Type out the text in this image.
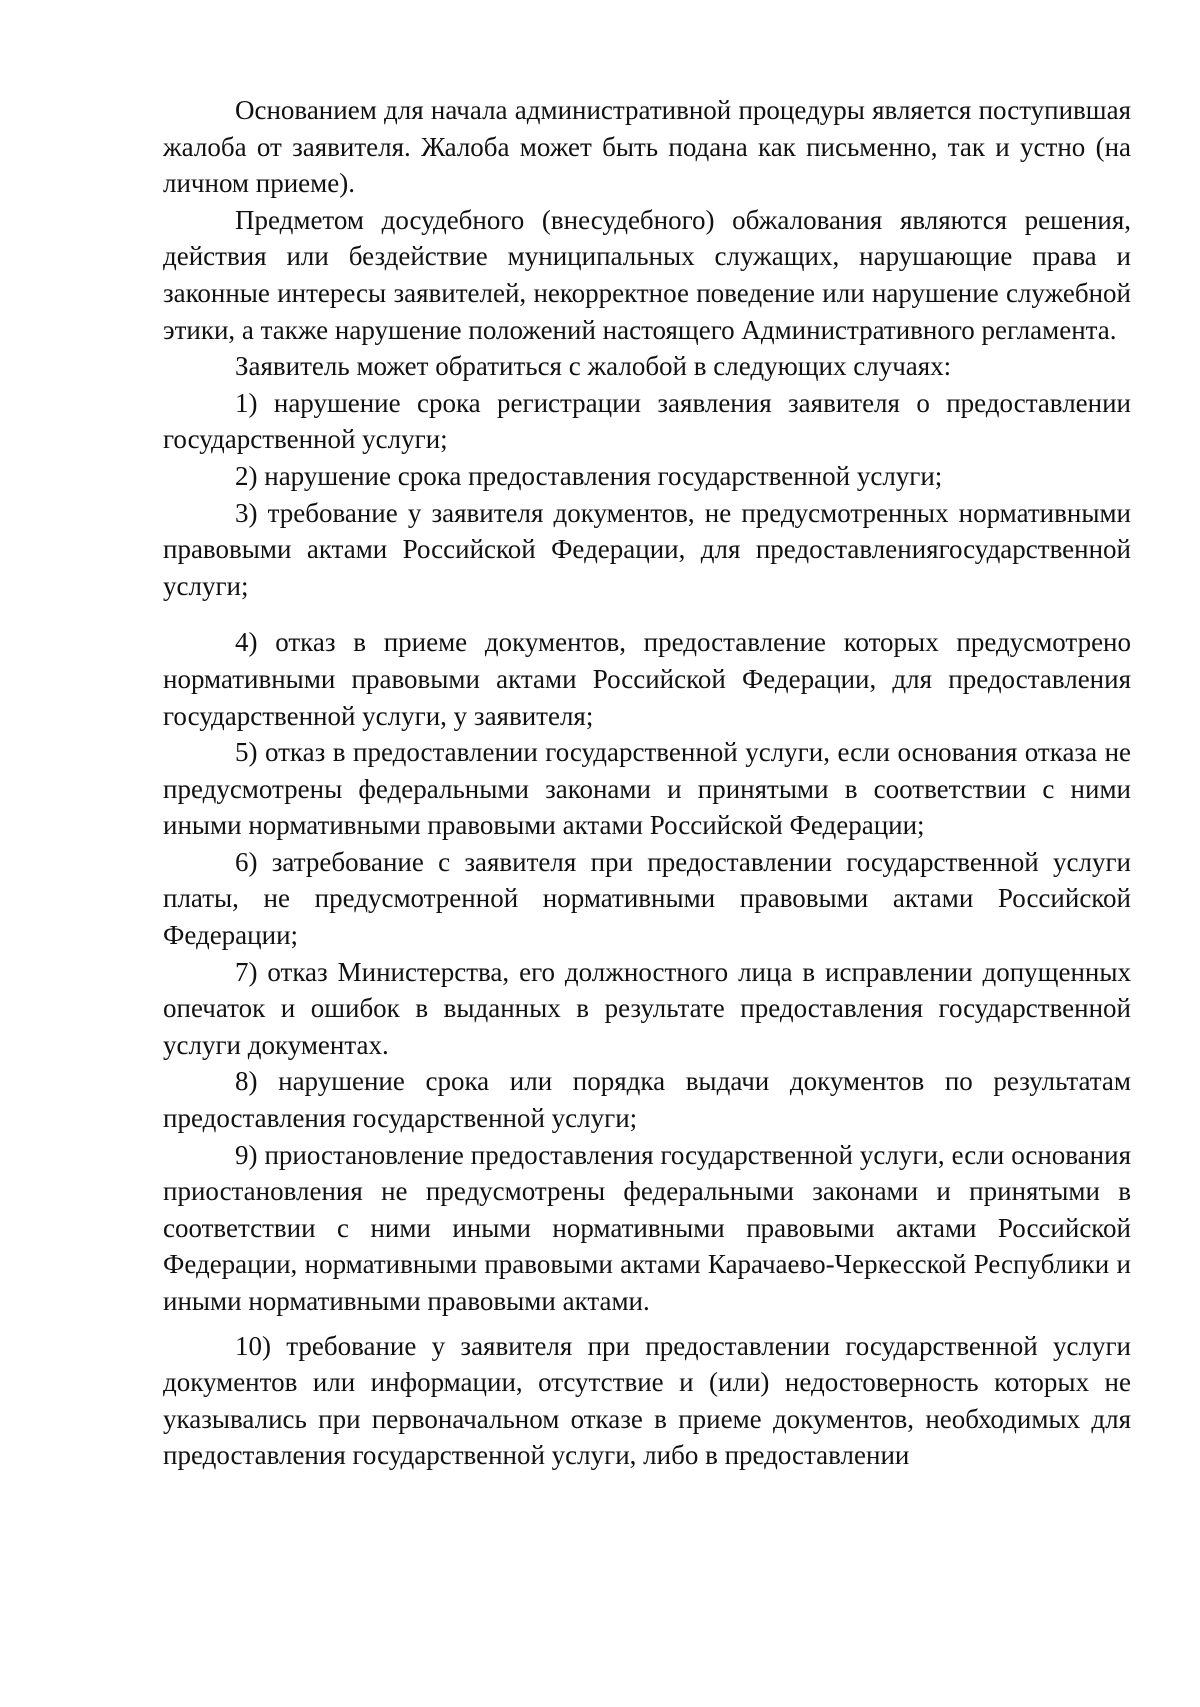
Основанием для начала административной процедуры является поступившая жалоба от заявителя. Жалоба может быть подана как письменно, так и устно (на личном приеме).

Предметом досудебного (внесудебного) обжалования являются решения, действия или бездействие муниципальных служащих, нарушающие права и законные интересы заявителей, некорректное поведение или нарушение служебной этики, а также нарушение положений настоящего Административного регламента.

Заявитель может обратиться с жалобой в следующих случаях:

1) нарушение срока регистрации заявления заявителя о предоставлении государственной услуги;

2) нарушение срока предоставления государственной услуги;

3) требование у заявителя документов, не предусмотренных нормативными правовыми актами Российской Федерации, для предоставлениягосударственной услуги;

4) отказ в приеме документов, предоставление которых предусмотрено нормативными правовыми актами Российской Федерации, для предоставления государственной услуги, у заявителя;

5) отказ в предоставлении государственной услуги, если основания отказа не предусмотрены федеральными законами и принятыми в соответствии с ними иными нормативными правовыми актами Российской Федерации;

6) затребование с заявителя при предоставлении государственной услуги платы, не предусмотренной нормативными правовыми актами Российской Федерации;

7) отказ Министерства, его должностного лица в исправлении допущенных опечаток и ошибок в выданных в результате предоставления государственной услуги документах.

8) нарушение срока или порядка выдачи документов по результатам предоставления государственной услуги;

9) приостановление предоставления государственной услуги, если основания приостановления не предусмотрены федеральными законами и принятыми в соответствии с ними иными нормативными правовыми актами Российской Федерации, нормативными правовыми актами Карачаево-Черкесской Республики и иными нормативными правовыми актами.

10) требование у заявителя при предоставлении государственной услуги документов или информации, отсутствие и (или) недостоверность которых не указывались при первоначальном отказе в приеме документов, необходимых для предоставления государственной услуги, либо в предоставлении
